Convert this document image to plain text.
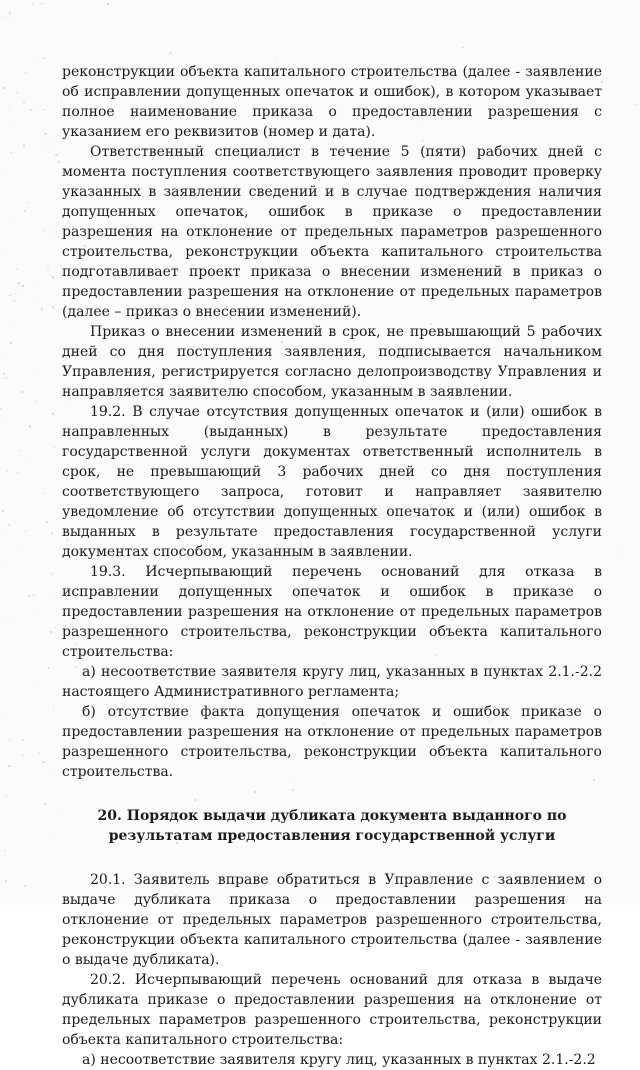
реконструкции объекта капитального строительства (далее - заявление об исправлении допущенных опечаток и ошибок), в котором указывает полное наименование приказа о предоставлении разрешения с указанием его реквизитов (номер и дата).

Ответственный специалист в течение 5 (пяти) рабочих дней с момента поступления соответствующего заявления проводит проверку указанных в заявлении сведений и в случае подтверждения наличия допущенных опечаток, ошибок в приказе о предоставлении разрешения на отклонение от предельных параметров разрешенного строительства, реконструкции объекта капитального строительства подготавливает проект приказа о внесении изменений в приказ о предоставлении разрешения на отклонение от предельных параметров (далее – приказ о внесении изменений).

Приказ о внесении изменений в срок, не превышающий 5 рабочих дней со дня поступления заявления, подписывается начальником Управления, регистрируется согласно делопроизводству Управления и направляется заявителю способом, указанным в заявлении.

19.2. В случае отсутствия допущенных опечаток и (или) ошибок в направленных (выданных) в результате предоставления государственной услуги документах ответственный исполнитель в срок, не превышающий 3 рабочих дней со дня поступления соответствующего запроса, готовит и направляет заявителю уведомление об отсутствии допущенных опечаток и (или) ошибок в выданных в результате предоставления государственной услуги документах способом, указанным в заявлении.

19.3. Исчерпывающий перечень оснований для отказа в исправлении допущенных опечаток и ошибок в приказе о предоставлении разрешения на отклонение от предельных параметров разрешенного строительства, реконструкции объекта капитального строительства:

а) несоответствие заявителя кругу лиц, указанных в пунктах 2.1.-2.2 настоящего Административного регламента;

б) отсутствие факта допущения опечаток и ошибок приказе о предоставлении разрешения на отклонение от предельных параметров разрешенного строительства, реконструкции объекта капитального строительства.

20. Порядок выдачи дубликата документа выданного по результатам предоставления государственной услуги

20.1. Заявитель вправе обратиться в Управление с заявлением о выдаче дубликата приказа о предоставлении разрешения на отклонение от предельных параметров разрешенного строительства, реконструкции объекта капитального строительства (далее - заявление о выдаче дубликата).

20.2. Исчерпывающий перечень оснований для отказа в выдаче дубликата приказе о предоставлении разрешения на отклонение от предельных параметров разрешенного строительства, реконструкции объекта капитального строительства:

а) несоответствие заявителя кругу лиц, указанных в пунктах 2.1.-2.2
